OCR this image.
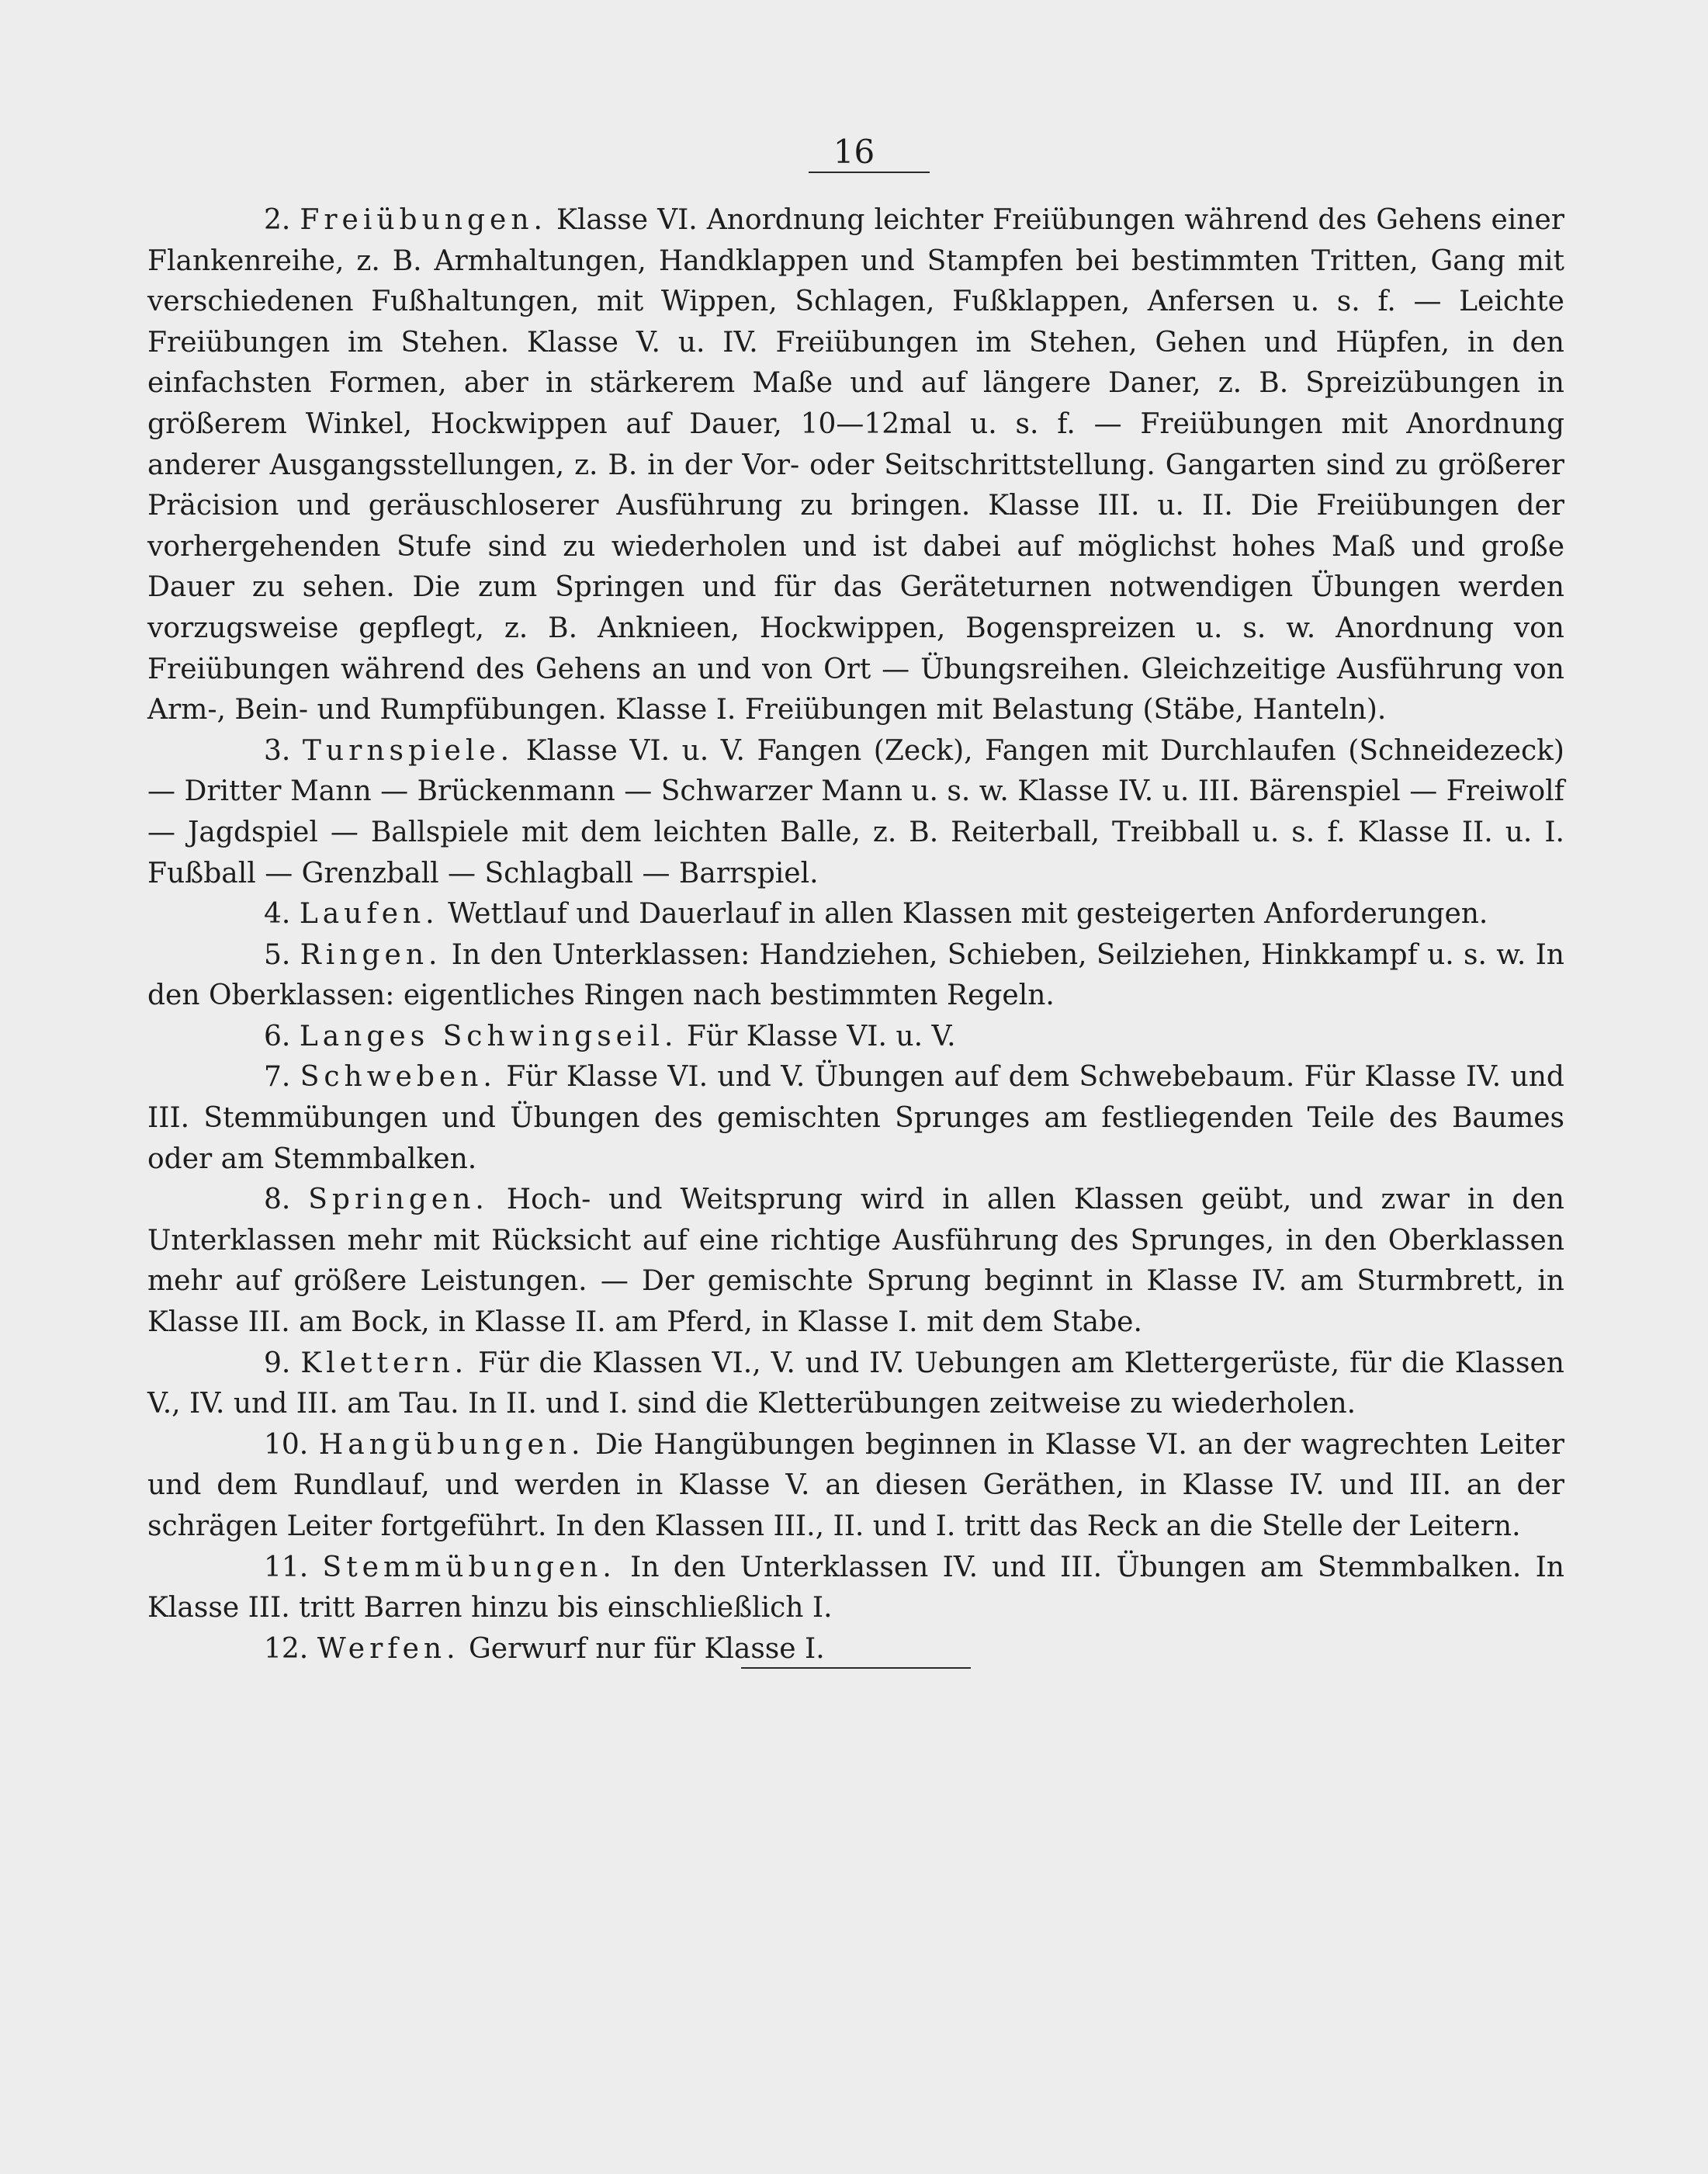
16

2. Freiübungen. Klasse VI. Anordnung leichter Freiübungen während des Gehens einer Flankenreihe, z. B. Armhaltungen, Handklappen und Stampfen bei bestimmten Tritten, Gang mit verschiedenen Fußhaltungen, mit Wippen, Schlagen, Fußklappen, Anfersen u. s. f. — Leichte Freiübungen im Stehen. Klasse V. u. IV. Freiübungen im Stehen, Gehen und Hüpfen, in den einfachsten Formen, aber in stärkerem Maße und auf längere Daner, z. B. Spreizübungen in größerem Winkel, Hockwippen auf Dauer, 10—12mal u. s. f. — Freiübungen mit Anordnung anderer Ausgangsstellungen, z. B. in der Vor- oder Seitschrittstellung. Gangarten sind zu größerer Präcision und geräuschloserer Ausführung zu bringen. Klasse III. u. II. Die Freiübungen der vorhergehenden Stufe sind zu wiederholen und ist dabei auf möglichst hohes Maß und große Dauer zu sehen. Die zum Springen und für das Geräteturnen notwendigen Übungen werden vorzugsweise gepflegt, z. B. Anknieen, Hockwippen, Bogenspreizen u. s. w. Anordnung von Freiübungen während des Gehens an und von Ort — Übungsreihen. Gleichzeitige Ausführung von Arm-, Bein- und Rumpfübungen. Klasse I. Freiübungen mit Belastung (Stäbe, Hanteln).

3. Turnspiele. Klasse VI. u. V. Fangen (Zeck), Fangen mit Durchlaufen (Schneidezeck) — Dritter Mann — Brückenmann — Schwarzer Mann u. s. w. Klasse IV. u. III. Bärenspiel — Freiwolf — Jagdspiel — Ballspiele mit dem leichten Balle, z. B. Reiterball, Treibball u. s. f. Klasse II. u. I. Fußball — Grenzball — Schlagball — Barrspiel.

4. Laufen. Wettlauf und Dauerlauf in allen Klassen mit gesteigerten Anforderungen.

5. Ringen. In den Unterklassen: Handziehen, Schieben, Seilziehen, Hinkkampf u. s. w. In den Oberklassen: eigentliches Ringen nach bestimmten Regeln.

6. Langes Schwingseil. Für Klasse VI. u. V.

7. Schweben. Für Klasse VI. und V. Übungen auf dem Schwebebaum. Für Klasse IV. und III. Stemmübungen und Übungen des gemischten Sprunges am festliegenden Teile des Baumes oder am Stemmbalken.

8. Springen. Hoch- und Weitsprung wird in allen Klassen geübt, und zwar in den Unterklassen mehr mit Rücksicht auf eine richtige Ausführung des Sprunges, in den Oberklassen mehr auf größere Leistungen. — Der gemischte Sprung beginnt in Klasse IV. am Sturmbrett, in Klasse III. am Bock, in Klasse II. am Pferd, in Klasse I. mit dem Stabe.

9. Klettern. Für die Klassen VI., V. und IV. Uebungen am Klettergerüste, für die Klassen V., IV. und III. am Tau. In II. und I. sind die Kletterübungen zeitweise zu wiederholen.

10. Hangübungen. Die Hangübungen beginnen in Klasse VI. an der wagrechten Leiter und dem Rundlauf, und werden in Klasse V. an diesen Geräthen, in Klasse IV. und III. an der schrägen Leiter fortgeführt. In den Klassen III., II. und I. tritt das Reck an die Stelle der Leitern.

11. Stemmübungen. In den Unterklassen IV. und III. Übungen am Stemmbalken. In Klasse III. tritt Barren hinzu bis einschließlich I.

12. Werfen. Gerwurf nur für Klasse I.
